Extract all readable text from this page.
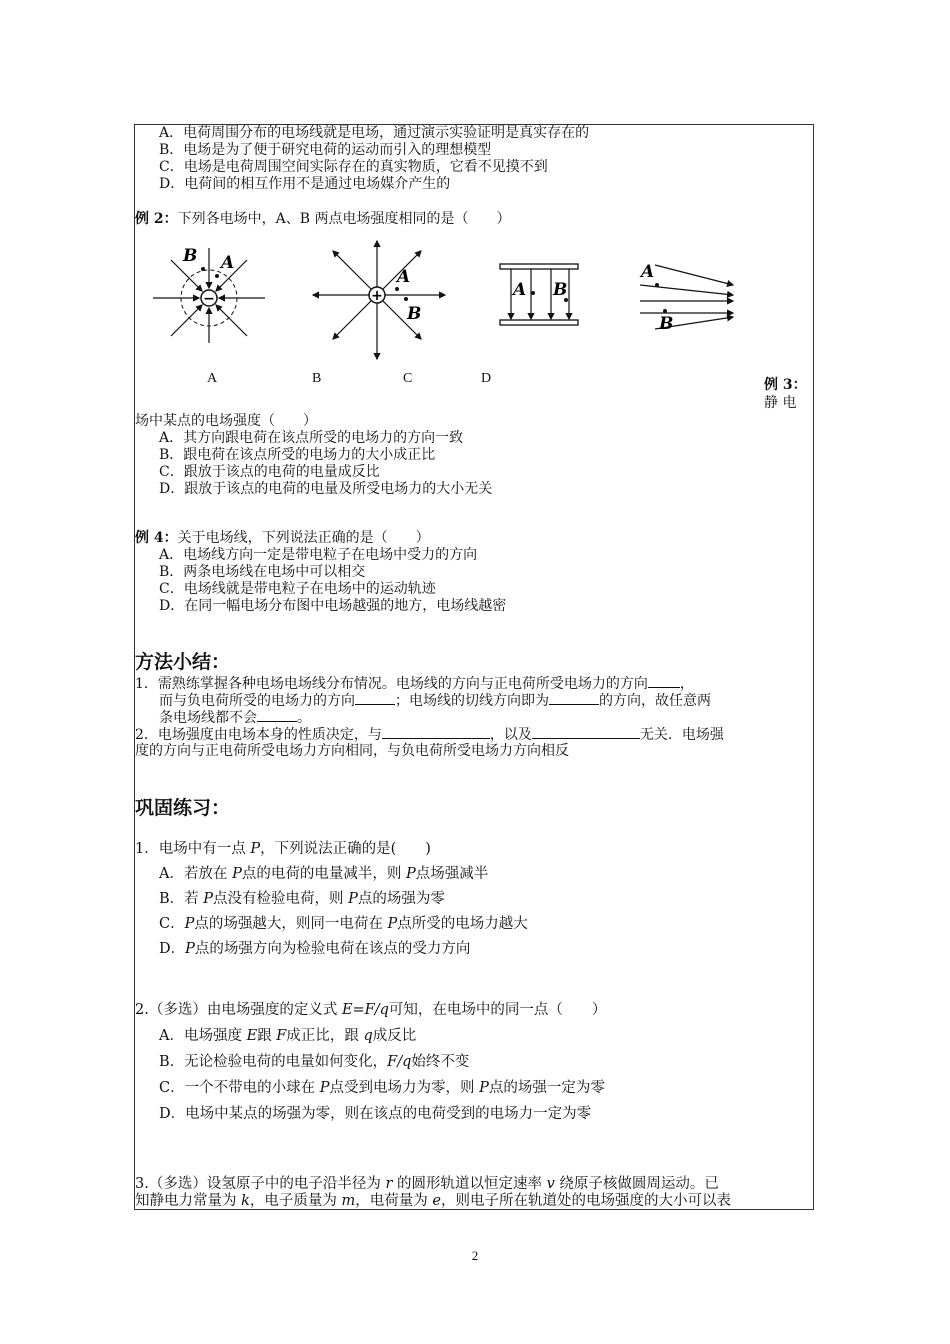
A．电荷周围分布的电场线就是电场，通过演示实验证明是真实存在的
B．电场是为了便于研究电荷的运动而引入的理想模型
C．电场是电荷周围空间实际存在的真实物质，它看不见摸不到
D．电荷间的相互作用不是通过电场媒介产生的
例 2：下列各电场中，A、B 两点电场强度相同的是（　　）
−
B A
+
A
B
A B
A
B
A	B	C	D	例 3：
静 电
场中某点的电场强度（　　）
A．其方向跟电荷在该点所受的电场力的方向一致
B．跟电荷在该点所受的电场力的大小成正比
C．跟放于该点的电荷的电量成反比
D．跟放于该点的电荷的电量及所受电场力的大小无关
例 4：关于电场线，下列说法正确的是（　　）
A．电场线方向一定是带电粒子在电场中受力的方向
B．两条电场线在电场中可以相交
C．电场线就是带电粒子在电场中的运动轨迹
D．在同一幅电场分布图中电场越强的地方，电场线越密
方法小结：
1．需熟练掌握各种电场电场线分布情况。电场线的方向与正电荷所受电场力的方向 ，
而与负电荷所受的电场力的方向	；电场线的切线方向即为	的方向，故任意两
条电场线都不会	。
2．电场强度由电场本身的性质决定，与	，以及	无关．电场强
度的方向与正电荷所受电场力方向相同，与负电荷所受电场力方向相反
巩固练习：
1．电场中有一点 P，下列说法正确的是(　　)
A．若放在 P点的电荷的电量减半，则 P点场强减半
B．若 P点没有检验电荷，则 P点的场强为零
C．P点的场强越大，则同一电荷在 P点所受的电场力越大
D．P点的场强方向为检验电荷在该点的受力方向
2.（多选）由电场强度的定义式 E=F/q可知，在电场中的同一点（　　）
A．电场强度 E跟 F成正比，跟 q成反比
B．无论检验电荷的电量如何变化，F/q始终不变
C．一个不带电的小球在 P点受到电场力为零，则 P点的场强一定为零
D．电场中某点的场强为零，则在该点的电荷受到的电场力一定为零
3.（多选）设氢原子中的电子沿半径为 r 的圆形轨道以恒定速率 v 绕原子核做圆周运动。已
知静电力常量为 k，电子质量为 m，电荷量为 e，则电子所在轨道处的电场强度的大小可以表
2
